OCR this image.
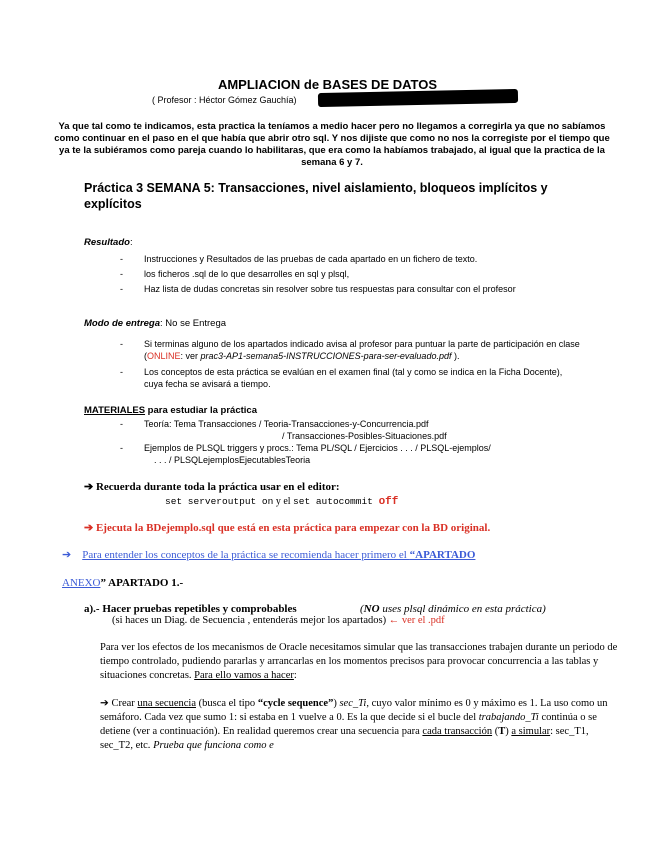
AMPLIACION de BASES DE DATOS
( Profesor : Héctor Gómez Gauchía)
Ya que tal como te indicamos, esta practica la teníamos a medio hacer pero no llegamos a corregirla ya que no sabíamos como continuar en el paso en el que había que abrir otro sql. Y nos dijiste que como no nos la corregiste por el tiempo que ya te la subiéramos como pareja cuando lo habilitaras, que era como la habíamos trabajado, al igual que la practica de la semana 6 y 7.
Práctica 3 SEMANA 5: Transacciones, nivel aislamiento, bloqueos implícitos y explícitos
Resultado:
- Instrucciones y Resultados de las pruebas de cada apartado en un fichero de texto.
- los ficheros .sql de lo que desarrolles en sql y plsql,
- Haz lista de dudas concretas sin resolver sobre tus respuestas para consultar con el profesor
Modo de entrega: No se Entrega
- Si terminas alguno de los apartados indicado avisa al profesor para puntuar la parte de participación en clase (ONLINE: ver prac3-AP1-semana5-INSTRUCCIONES-para-ser-evaluado.pdf ).
- Los conceptos de esta práctica se evalúan en el examen final (tal y como se indica en la Ficha Docente), cuya fecha se avisará a tiempo.
MATERIALES para estudiar la práctica
- Teoría: Tema Transacciones / Teoria-Transacciones-y-Concurrencia.pdf
/ Transacciones-Posibles-Situaciones.pdf
- Ejemplos de PLSQL triggers y procs.: Tema PL/SQL / Ejercicios . . . / PLSQL-ejemplos/
. . . / PLSQLejemplosEjecutablesTeoria
➔ Recuerda durante toda la práctica usar en el editor:
set serveroutput on y el set autocommit off
➔ Ejecuta la BDejemplo.sql que está en esta práctica para empezar con la BD original.
➔ Para entender los conceptos de la práctica se recomienda hacer primero el “APARTADO
ANEXO” APARTADO 1.-
a).- Hacer pruebas repetibles y comprobables	(NO uses plsql dinámico en esta práctica)
(si haces un Diag. de Secuencia , entenderás mejor los apartados) ← ver el .pdf
Para ver los efectos de los mecanismos de Oracle necesitamos simular que las transacciones trabajen durante un periodo de tiempo controlado, pudiendo pararlas y arrancarlas en los momentos precisos para provocar concurrencia a las tablas y situaciones concretas. Para ello vamos a hacer:
➔ Crear una secuencia (busca el tipo “cycle sequence”) sec_Ti, cuyo valor mínimo es 0 y máximo es 1. La uso como un semáforo. Cada vez que sumo 1: si estaba en 1 vuelve a 0. Es la que decide si el bucle del trabajando_Ti continúa o se detiene (ver a continuación). En realidad queremos crear una secuencia para cada transacción (T) a simular: sec_T1, sec_T2, etc. Prueba que funciona como e
